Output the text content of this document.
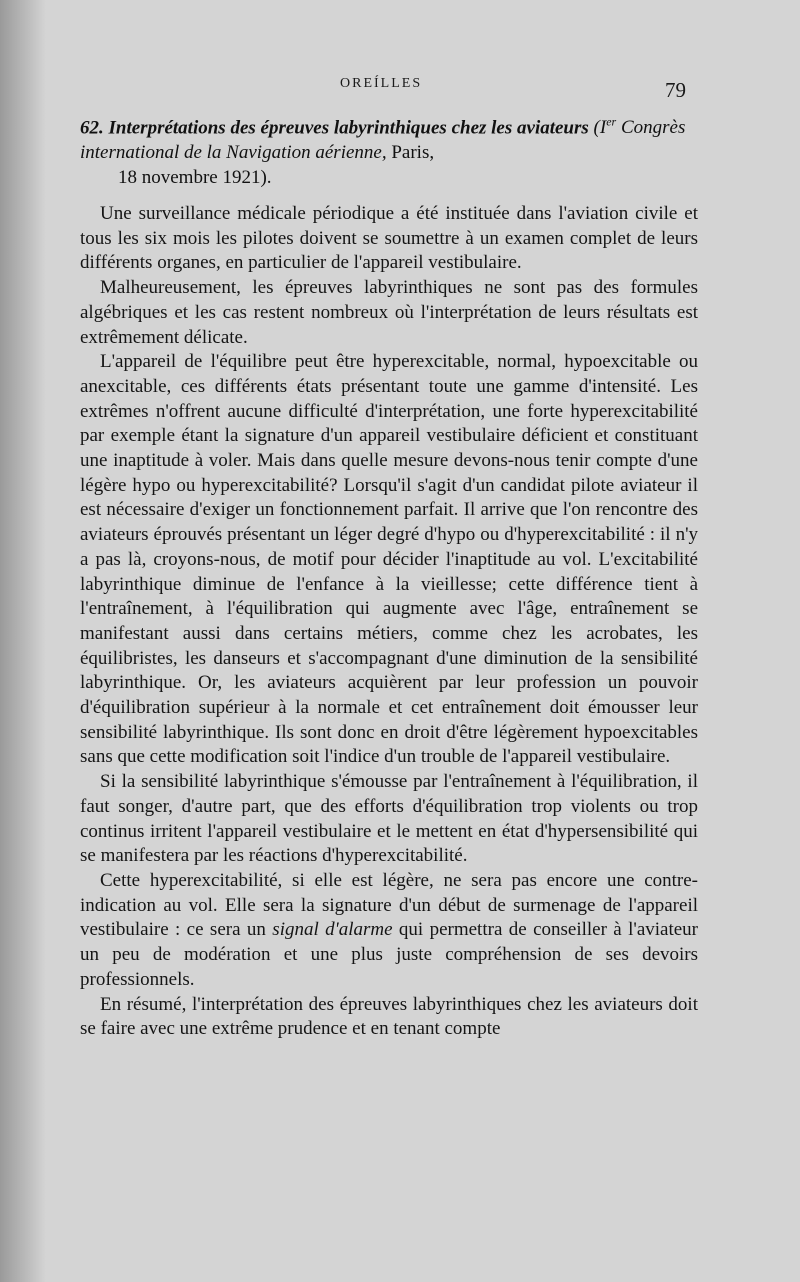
OREÍLLES	79
62. Interprétations des épreuves labyrinthiques chez les aviateurs (Ier Congrès international de la Navigation aérienne, Paris,
18 novembre 1921).

Une surveillance médicale périodique a été instituée dans l'aviation civile et tous les six mois les pilotes doivent se soumettre à un examen complet de leurs différents organes, en particulier de l'appareil vestibulaire.

Malheureusement, les épreuves labyrinthiques ne sont pas des formules algébriques et les cas restent nombreux où l'interprétation de leurs résultats est extrêmement délicate.

L'appareil de l'équilibre peut être hyperexcitable, normal, hypoexcitable ou anexcitable, ces différents états présentant toute une gamme d'intensité. Les extrêmes n'offrent aucune difficulté d'interprétation, une forte hyperexcitabilité par exemple étant la signature d'un appareil vestibulaire déficient et constituant une inaptitude à voler. Mais dans quelle mesure devons-nous tenir compte d'une légère hypo ou hyperexcitabilité? Lorsqu'il s'agit d'un candidat pilote aviateur il est nécessaire d'exiger un fonctionnement parfait. Il arrive que l'on rencontre des aviateurs éprouvés présentant un léger degré d'hypo ou d'hyperexcitabilité : il n'y a pas là, croyons-nous, de motif pour décider l'inaptitude au vol. L'excitabilité labyrinthique diminue de l'enfance à la vieillesse; cette différence tient à l'entraînement, à l'équilibration qui augmente avec l'âge, entraînement se manifestant aussi dans certains métiers, comme chez les acrobates, les équilibristes, les danseurs et s'accompagnant d'une diminution de la sensibilité labyrinthique. Or, les aviateurs acquièrent par leur profession un pouvoir d'équilibration supérieur à la normale et cet entraînement doit émousser leur sensibilité labyrinthique. Ils sont donc en droit d'être légèrement hypoexcitables sans que cette modification soit l'indice d'un trouble de l'appareil vestibulaire.

Si la sensibilité labyrinthique s'émousse par l'entraînement à l'équilibration, il faut songer, d'autre part, que des efforts d'équilibration trop violents ou trop continus irritent l'appareil vestibulaire et le mettent en état d'hypersensibilité qui se manifestera par les réactions d'hyperexcitabilité.

Cette hyperexcitabilité, si elle est légère, ne sera pas encore une contre-indication au vol. Elle sera la signature d'un début de surmenage de l'appareil vestibulaire : ce sera un signal d'alarme qui permettra de conseiller à l'aviateur un peu de modération et une plus juste compréhension de ses devoirs professionnels.

En résumé, l'interprétation des épreuves labyrinthiques chez les aviateurs doit se faire avec une extrême prudence et en tenant compte
